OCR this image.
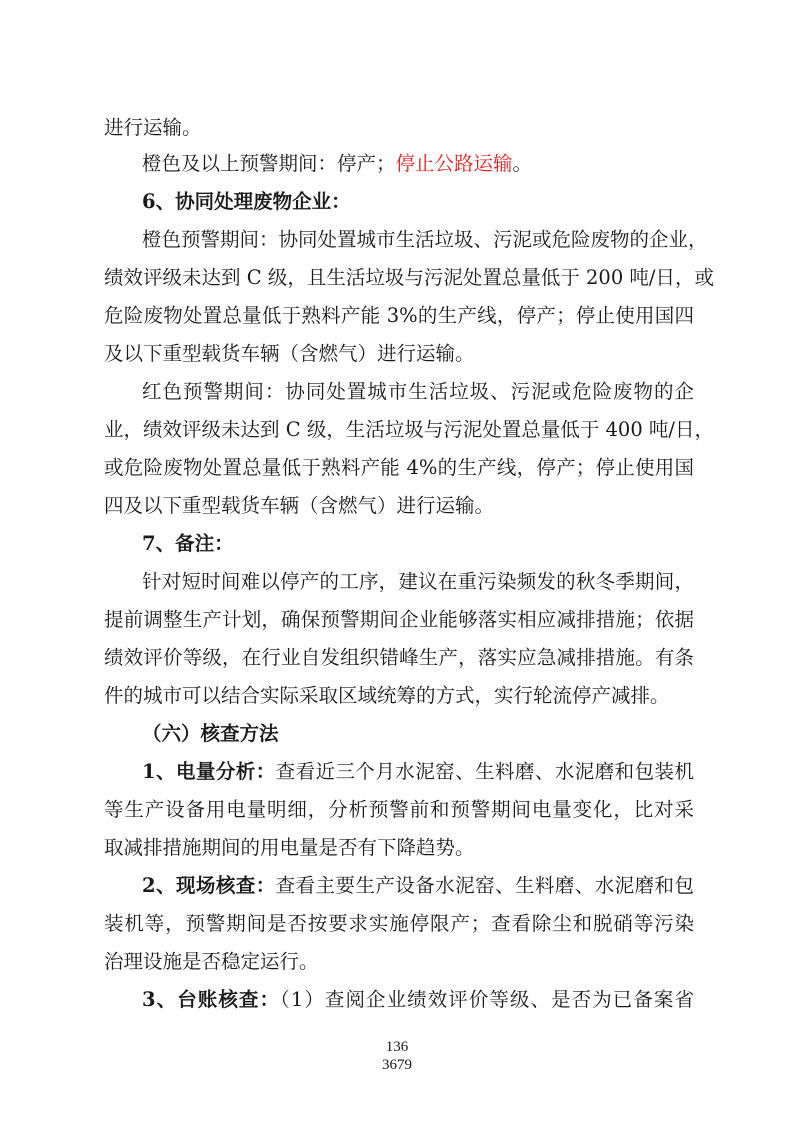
进行运输。
橙色及以上预警期间：停产；停止公路运输。
6、协同处理废物企业：
橙色预警期间：协同处置城市生活垃圾、污泥或危险废物的企业，
绩效评级未达到 C 级，且生活垃圾与污泥处置总量低于 200 吨/日，或
危险废物处置总量低于熟料产能 3%的生产线，停产；停止使用国四
及以下重型载货车辆（含燃气）进行运输。
红色预警期间：协同处置城市生活垃圾、污泥或危险废物的企
业，绩效评级未达到 C 级，生活垃圾与污泥处置总量低于 400 吨/日，
或危险废物处置总量低于熟料产能 4%的生产线，停产；停止使用国
四及以下重型载货车辆（含燃气）进行运输。
7、备注：
针对短时间难以停产的工序，建议在重污染频发的秋冬季期间，
提前调整生产计划，确保预警期间企业能够落实相应减排措施；依据
绩效评价等级，在行业自发组织错峰生产，落实应急减排措施。有条
件的城市可以结合实际采取区域统筹的方式，实行轮流停产减排。
（六）核查方法
1、电量分析：查看近三个月水泥窑、生料磨、水泥磨和包装机
等生产设备用电量明细，分析预警前和预警期间电量变化，比对采
取减排措施期间的用电量是否有下降趋势。
2、现场核查：查看主要生产设备水泥窑、生料磨、水泥磨和包
装机等，预警期间是否按要求实施停限产；查看除尘和脱硝等污染
治理设施是否稳定运行。
3、台账核查：（1）查阅企业绩效评价等级、是否为已备案省
136
3679
